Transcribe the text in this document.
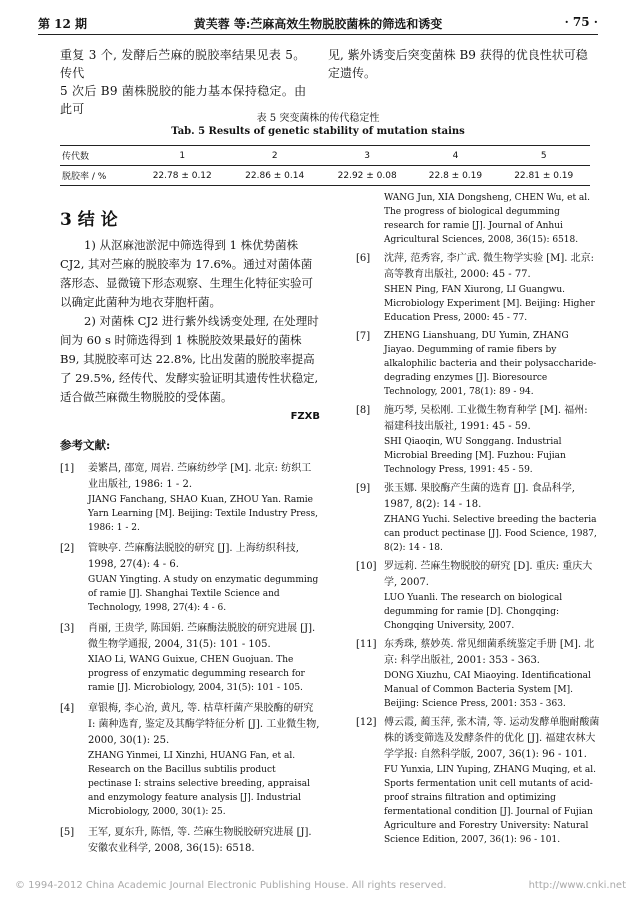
第 12 期	黄芙蓉 等:苎麻高效生物脱胶菌株的筛选和诱变	· 75 ·
重复 3 个, 发酵后苎麻的脱胶率结果见表 5。传代
5 次后 B9 菌株脱胶的能力基本保持稳定。由此可
见, 紫外诱变后突变菌株 B9 获得的优良性状可稳
定遗传。
表 5 突变菌株的传代稳定性
Tab. 5 Results of genetic stability of mutation stains
传代数	1	2	3	4	5
脱胶率 / %	22.78 ± 0.12	22.86 ± 0.14	22.92 ± 0.08	22.8 ± 0.19	22.81 ± 0.19
3 结 论

1) 从沤麻池淤泥中筛选得到 1 株优势菌株 CJ2, 其对苎麻的脱胶率为 17.6%。通过对菌体菌落形态、显微镜下形态观察、生理生化特征实验可以确定此菌种为地衣芽胞杆菌。

2) 对菌株 CJ2 进行紫外线诱变处理, 在处理时间为 60 s 时筛选得到 1 株脱胶效果最好的菌株 B9, 其脱胶率可达 22.8%, 比出发菌的脱胶率提高了 29.5%, 经传代、发酵实验证明其遗传性状稳定, 适合做苎麻微生物脱胶的受体菌。

FZXB
参考文献:
[1] 姜繁昌, 邵宽, 周岩. 苎麻纺纱学 [M]. 北京: 纺织工业出版社, 1986: 1 - 2.
JIANG Fanchang, SHAO Kuan, ZHOU Yan. Ramie Yarn Learning [M]. Beijing: Textile Industry Press, 1986: 1 - 2.
[2] 管映亭. 苎麻酶法脱胶的研究 [J]. 上海纺织科技, 1998, 27(4): 4 - 6.
GUAN Yingting. A study on enzymatic degumming of ramie [J]. Shanghai Textile Science and Technology, 1998, 27(4): 4 - 6.
[3] 肖丽, 王贵学, 陈国娟. 苎麻酶法脱胶的研究进展 [J]. 微生物学通报, 2004, 31(5): 101 - 105.
XIAO Li, WANG Guixue, CHEN Guojuan. The progress of enzymatic degumming research for ramie [J]. Microbiology, 2004, 31(5): 101 - 105.
[4] 章银梅, 李心治, 黄凡, 等. 枯草杆菌产果胶酶的研究 I: 菌种选育, 鉴定及其酶学特征分析 [J]. 工业微生物, 2000, 30(1): 25.
ZHANG Yinmei, LI Xinzhi, HUANG Fan, et al. Research on the Bacillus subtilis product pectinase I: strains selective breeding, appraisal and enzymology feature analysis [J]. Industrial Microbiology, 2000, 30(1): 25.
[5] 王军, 夏东升, 陈悟, 等. 苎麻生物脱胶研究进展 [J]. 安徽农业科学, 2008, 36(15): 6518.
WANG Jun, XIA Dongsheng, CHEN Wu, et al. The progress of biological degumming research for ramie [J]. Journal of Anhui Agricultural Sciences, 2008, 36(15): 6518.
[6] 沈萍, 范秀容, 李广武. 微生物学实验 [M]. 北京: 高等教育出版社, 2000: 45 - 77.
SHEN Ping, FAN Xiurong, LI Guangwu. Microbiology Experiment [M]. Beijing: Higher Education Press, 2000: 45 - 77.
[7] ZHENG Lianshuang, DU Yumin, ZHANG Jiayao. Degumming of ramie fibers by alkalophilic bacteria and their polysaccharide-degrading enzymes [J]. Bioresource Technology, 2001, 78(1): 89 - 94.
[8] 施巧琴, 吴松刚. 工业微生物育种学 [M]. 福州: 福建科技出版社, 1991: 45 - 59.
SHI Qiaoqin, WU Songgang. Industrial Microbial Breeding [M]. Fuzhou: Fujian Technology Press, 1991: 45 - 59.
[9] 张玉娜. 果胶酶产生菌的选育 [J]. 食品科学, 1987, 8(2): 14 - 18.
ZHANG Yuchi. Selective breeding the bacteria can product pectinase [J]. Food Science, 1987, 8(2): 14 - 18.
[10] 罗远莉. 苎麻生物脱胶的研究 [D]. 重庆: 重庆大学, 2007.
LUO Yuanli. The research on biological degumming for ramie [D]. Chongqing: Chongqing University, 2007.
[11] 东秀珠, 蔡妙英. 常见细菌系统鉴定手册 [M]. 北京: 科学出版社, 2001: 353 - 363.
DONG Xiuzhu, CAI Miaoying. Identificational Manual of Common Bacteria System [M]. Beijing: Science Press, 2001: 353 - 363.
[12] 傅云霞, 蔺玉萍, 张木清, 等. 运动发酵单胞耐酸菌株的诱变筛选及发酵条件的优化 [J]. 福建农林大学学报: 自然科学版, 2007, 36(1): 96 - 101.
FU Yunxia, LIN Yuping, ZHANG Muqing, et al. Sports fermentation unit cell mutants of acid-proof strains filtration and optimizing fermentational condition [J]. Journal of Fujian Agriculture and Forestry University: Natural Science Edition, 2007, 36(1): 96 - 101.
© 1994-2012 China Academic Journal Electronic Publishing House. All rights reserved.	http://www.cnki.net
